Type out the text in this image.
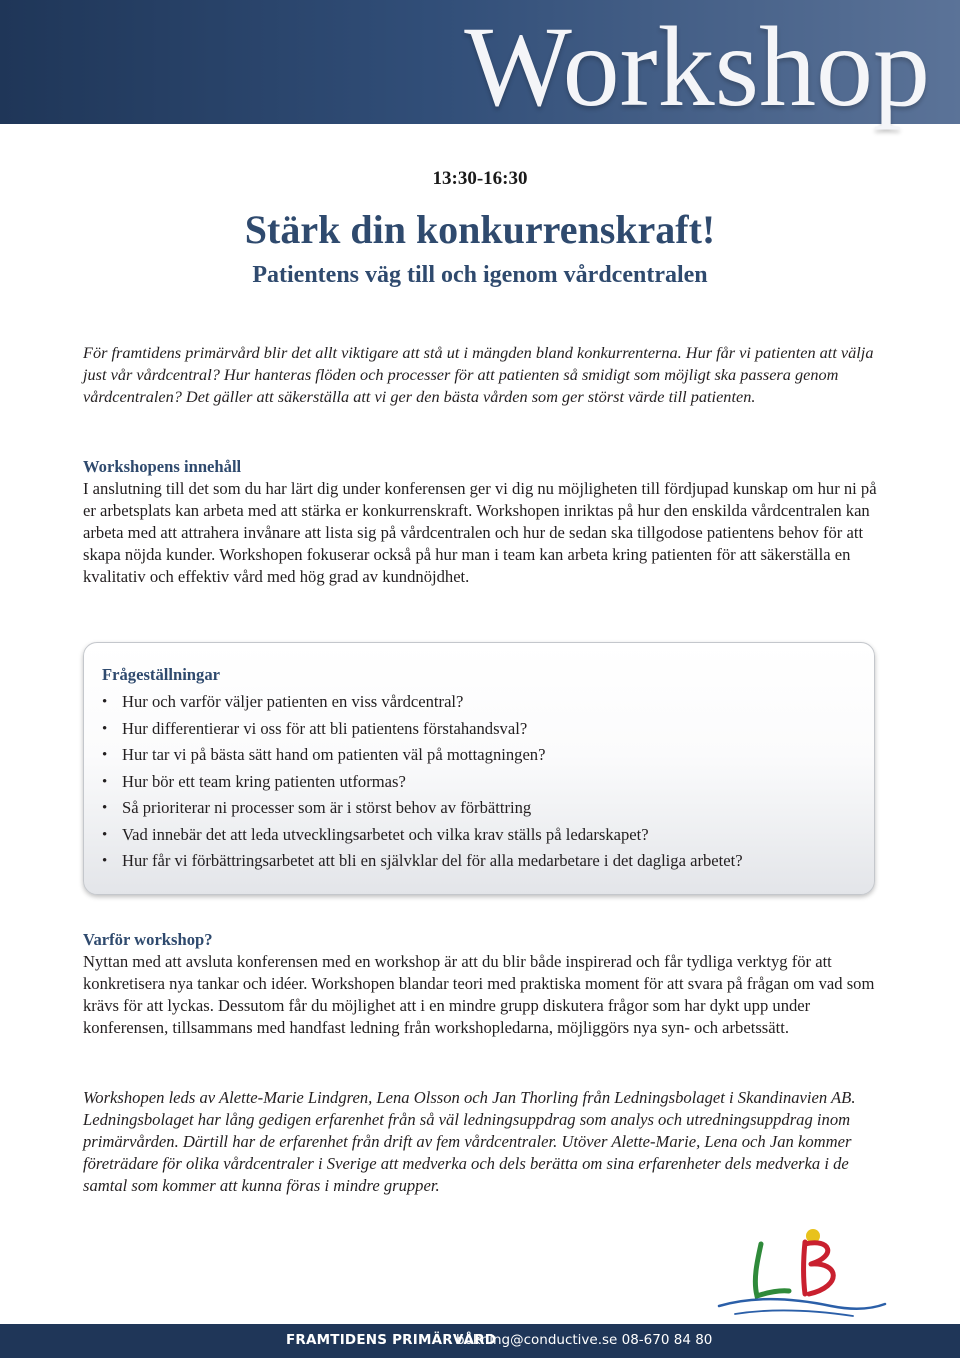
Workshop
13:30-16:30
Stärk din konkurrenskraft!
Patientens väg till och igenom vårdcentralen
För framtidens primärvård blir det allt viktigare att stå ut i mängden bland konkurrenterna. Hur får vi patienten att välja just vår vårdcentral? Hur hanteras flöden och processer för att patienten så smidigt som möjligt ska passera genom vårdcentralen? Det gäller att säkerställa att vi ger den bästa vården som ger störst värde till patienten.
Workshopens innehåll
I anslutning till det som du har lärt dig under konferensen ger vi dig nu möjligheten till fördjupad kunskap om hur ni på er arbetsplats kan arbeta med att stärka er konkurrenskraft. Workshopen inriktas på hur den enskilda vårdcentralen kan arbeta med att attrahera invånare att lista sig på vårdcentralen och hur de sedan ska tillgodose patientens behov för att skapa nöjda kunder. Workshopen fokuserar också på hur man i team kan arbeta kring patienten för att säkerställa en kvalitativ och effektiv vård med hög grad av kundnöjdhet.
Frågeställningar
• Hur och varför väljer patienten en viss vårdcentral?
• Hur differentierar vi oss för att bli patientens förstahandsval?
• Hur tar vi på bästa sätt hand om patienten väl på mottagningen?
• Hur bör ett team kring patienten utformas?
• Så prioriterar ni processer som är i störst behov av förbättring
• Vad innebär det att leda utvecklingsarbetet och vilka krav ställs på ledarskapet?
• Hur får vi förbättringsarbetet att bli en självklar del för alla medarbetare i det dagliga arbetet?
Varför workshop?
Nyttan med att avsluta konferensen med en workshop är att du blir både inspirerad och får tydliga verktyg för att konkretisera nya tankar och idéer. Workshopen blandar teori med praktiska moment för att svara på frågan om vad som krävs för att lyckas. Dessutom får du möjlighet att i en mindre grupp diskutera frågor som har dykt upp under konferensen, tillsammans med handfast ledning från workshopledarna, möjliggörs nya syn- och arbetssätt.
Workshopen leds av Alette-Marie Lindgren, Lena Olsson och Jan Thorling från Ledningsbolaget i Skandinavien AB. Ledningsbolaget har lång gedigen erfarenhet från så väl ledningsuppdrag som analys och utredningsuppdrag inom primärvården. Därtill har de erfarenhet från drift av fem vårdcentraler. Utöver Alette-Marie, Lena och Jan kommer företrädare för olika vårdcentraler i Sverige att medverka och dels berätta om sina erfarenheter dels medverka i de samtal som kommer att kunna föras i mindre grupper.
FRAMTIDENS PRIMÄRVÅRD
bokning@conductive.se 08-670 84 80
